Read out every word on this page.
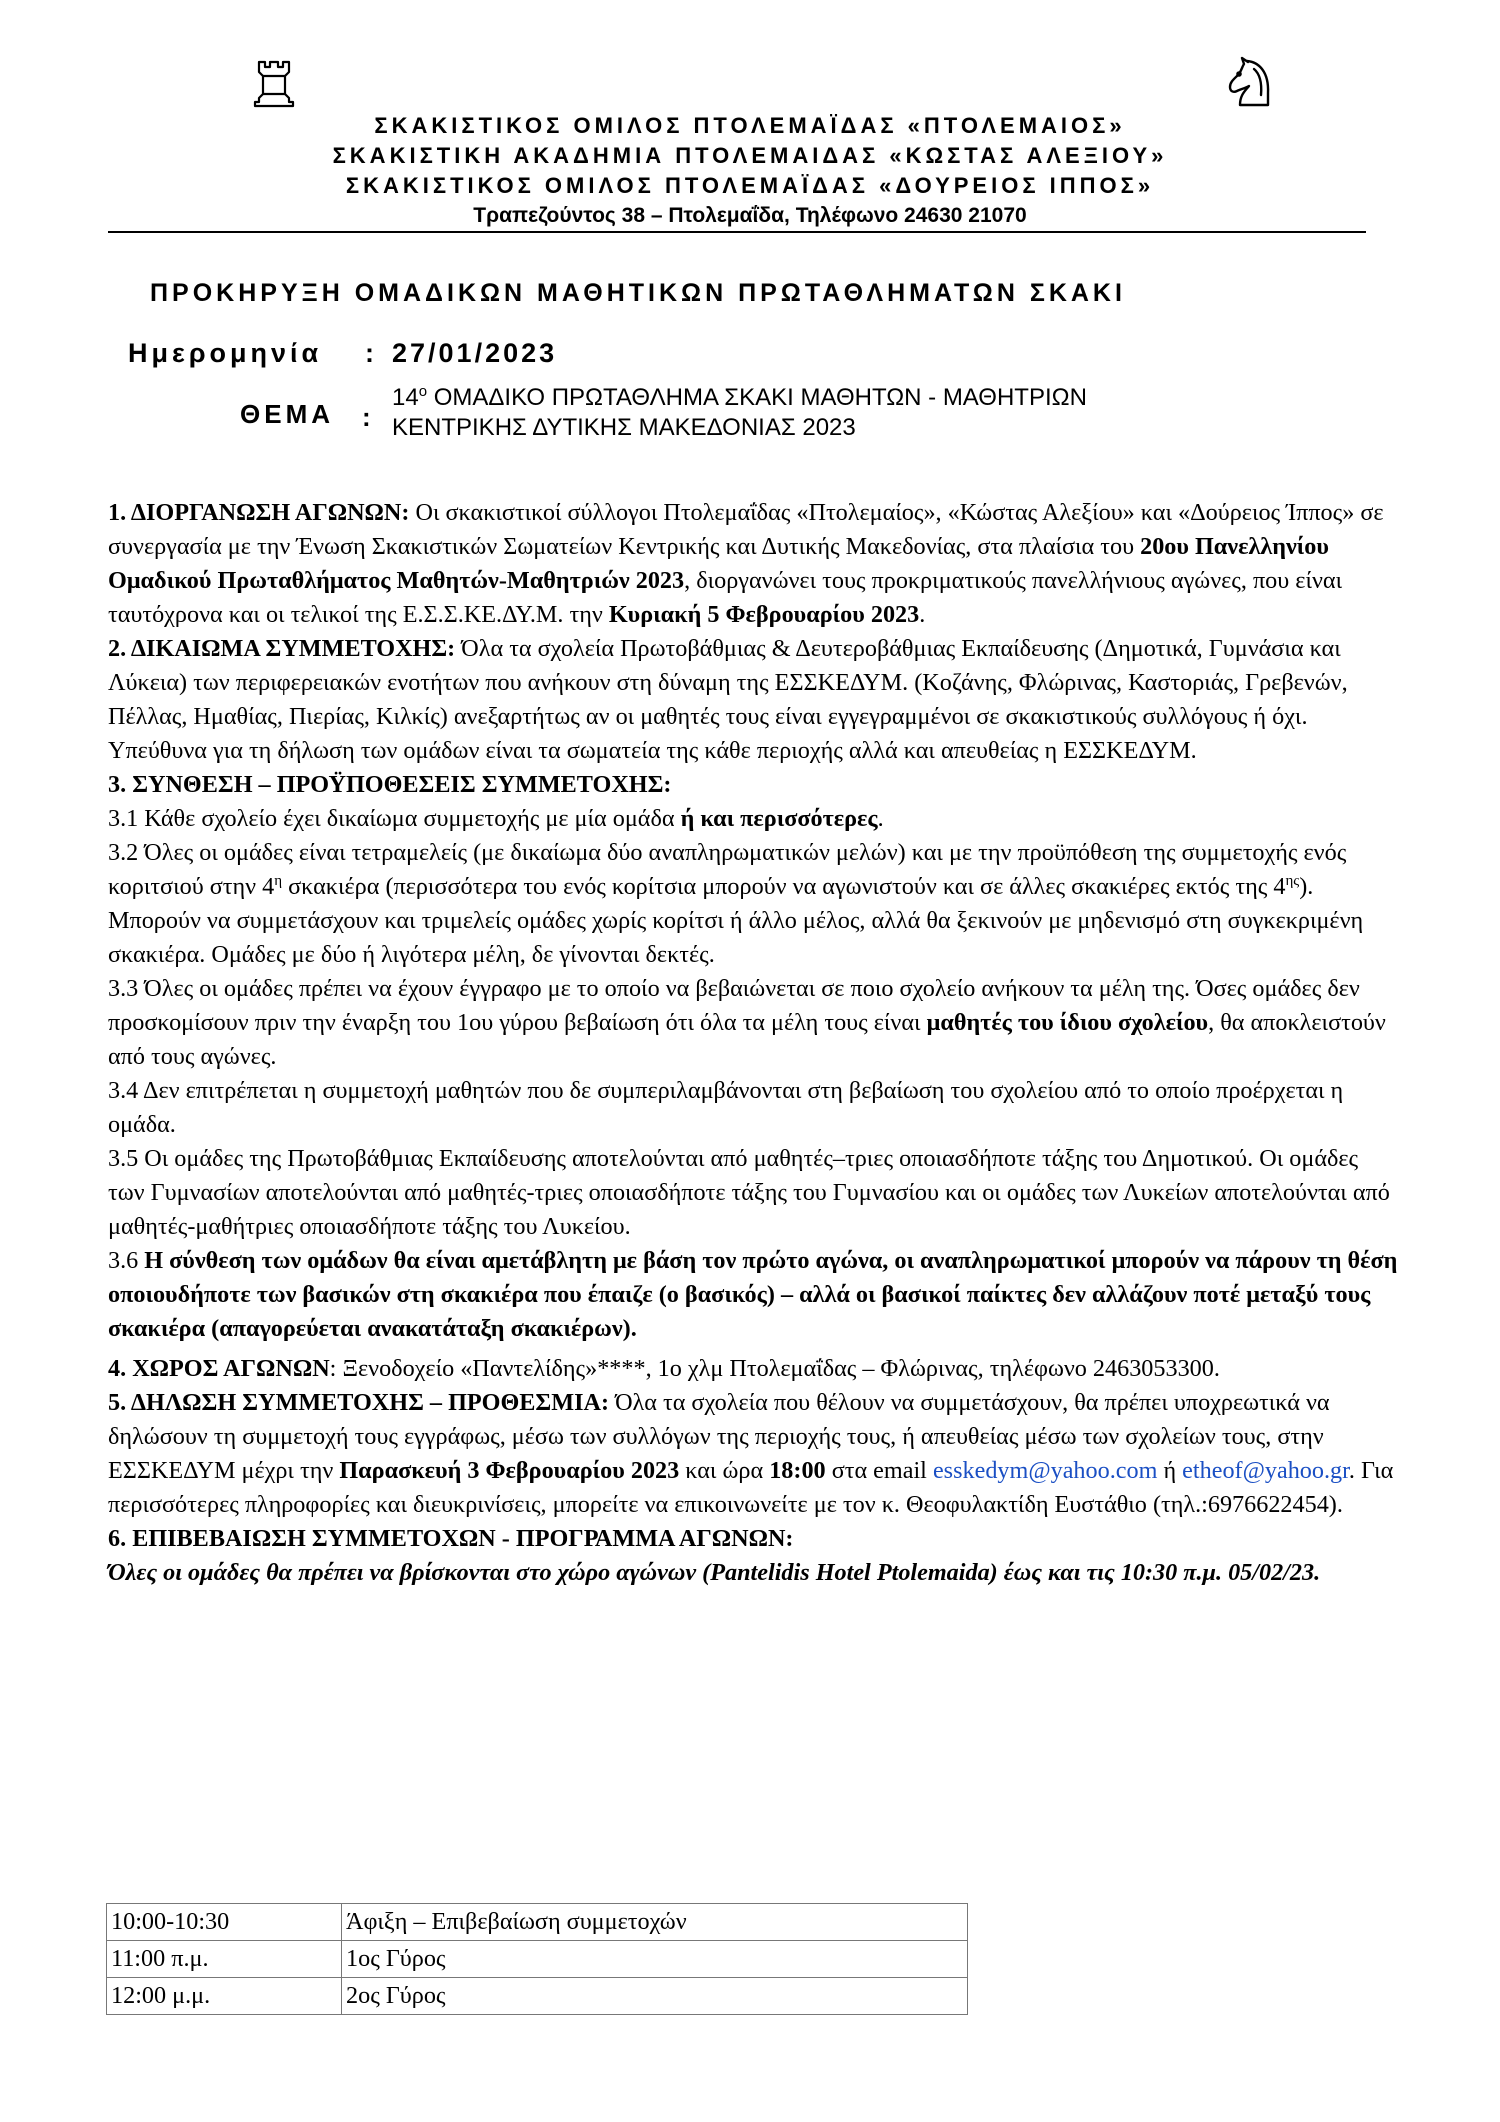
ΣΚΑΚΙΣΤΙΚΟΣ ΟΜΙΛΟΣ ΠΤΟΛΕΜΑΪΔΑΣ «ΠΤΟΛΕΜΑΙΟΣ»

ΣΚΑΚΙΣΤΙΚΗ ΑΚΑΔΗΜΙΑ ΠΤΟΛΕΜΑΙΔΑΣ «ΚΩΣΤΑΣ ΑΛΕΞΙΟΥ»

ΣΚΑΚΙΣΤΙΚΟΣ ΟΜΙΛΟΣ ΠΤΟΛΕΜΑΪΔΑΣ «ΔΟΥΡΕΙΟΣ ΙΠΠΟΣ»

Τραπεζούντος 38 – Πτολεμαΐδα, Τηλέφωνο 24630 21070

ΠΡΟΚΗΡΥΞΗ ΟΜΑΔΙΚΩΝ ΜΑΘΗΤΙΚΩΝ ΠΡΩΤΑΘΛΗΜΑΤΩΝ ΣΚΑΚΙ
Ημερομηνία : 27/01/2023
ΘΕΜΑ :
$14^o$ ΟΜΑΔΙΚΟ ΠΡΩΤΑΘΛΗΜΑ ΣΚΑΚΙ ΜΑΘΗΤΩΝ - ΜΑΘΗΤΡΙΩΝ
ΚΕΝΤΡΙΚΗΣ ΔΥΤΙΚΗΣ ΜΑΚΕΔΟΝΙΑΣ 2023

1. ΔΙΟΡΓΑΝΩΣΗ ΑΓΩΝΩΝ: Οι σκακιστικοί σύλλογοι Πτολεμαΐδας «Πτολεμαίος», «Κώστας Αλεξίου» και «Δούρειος Ίππος» σε συνεργασία με την Ένωση Σκακιστικών Σωματείων Κεντρικής και Δυτικής Μακεδονίας, στα πλαίσια του 20ου Πανελληνίου Ομαδικού Πρωταθλήματος Μαθητών-Μαθητριών 2023, διοργανώνει τους προκριματικούς πανελλήνιους αγώνες, που είναι ταυτόχρονα και οι τελικοί της Ε.Σ.Σ.ΚΕ.ΔΥ.Μ. την Κυριακή 5 Φεβρουαρίου 2023.

2. ΔΙΚΑΙΩΜΑ ΣΥΜΜΕΤΟΧΗΣ: Όλα τα σχολεία Πρωτοβάθμιας & Δευτεροβάθμιας Εκπαίδευσης (Δημοτικά, Γυμνάσια και Λύκεια) των περιφερειακών ενοτήτων που ανήκουν στη δύναμη της ΕΣΣΚΕΔΥΜ. (Κοζάνης, Φλώρινας, Καστοριάς, Γρεβενών, Πέλλας, Ημαθίας, Πιερίας, Κιλκίς) ανεξαρτήτως αν οι μαθητές τους είναι εγγεγραμμένοι σε σκακιστικούς συλλόγους ή όχι. Υπεύθυνα για τη δήλωση των ομάδων είναι τα σωματεία της κάθε περιοχής αλλά και απευθείας η ΕΣΣΚΕΔΥΜ.

3. ΣΥΝΘΕΣΗ – ΠΡΟΫΠΟΘΕΣΕΙΣ ΣΥΜΜΕΤΟΧΗΣ:

3.1 Κάθε σχολείο έχει δικαίωμα συμμετοχής με μία ομάδα ή και περισσότερες.

3.2 Όλες οι ομάδες είναι τετραμελείς (με δικαίωμα δύο αναπληρωματικών μελών) και με την προϋπόθεση της συμμετοχής ενός κοριτσιού στην $4^\eta$ σκακιέρα (περισσότερα του ενός κορίτσια μπορούν να αγωνιστούν και σε άλλες σκακιέρες εκτός της $4^{\eta\varsigma}$). Μπορούν να συμμετάσχουν και τριμελείς ομάδες χωρίς κορίτσι ή άλλο μέλος, αλλά θα ξεκινούν με μηδενισμό στη συγκεκριμένη σκακιέρα. Ομάδες με δύο ή λιγότερα μέλη, δε γίνονται δεκτές.

3.3 Όλες οι ομάδες πρέπει να έχουν έγγραφο με το οποίο να βεβαιώνεται σε ποιο σχολείο ανήκουν τα μέλη της. Όσες ομάδες δεν προσκομίσουν πριν την έναρξη του 1ου γύρου βεβαίωση ότι όλα τα μέλη τους είναι μαθητές του ίδιου σχολείου, θα αποκλειστούν από τους αγώνες.

3.4 Δεν επιτρέπεται η συμμετοχή μαθητών που δε συμπεριλαμβάνονται στη βεβαίωση του σχολείου από το οποίο προέρχεται η ομάδα.

3.5 Οι ομάδες της Πρωτοβάθμιας Εκπαίδευσης αποτελούνται από μαθητές–τριες οποιασδήποτε τάξης του Δημοτικού. Οι ομάδες των Γυμνασίων αποτελούνται από μαθητές-τριες οποιασδήποτε τάξης του Γυμνασίου και οι ομάδες των Λυκείων αποτελούνται από μαθητές-μαθήτριες οποιασδήποτε τάξης του Λυκείου.

3.6 Η σύνθεση των ομάδων θα είναι αμετάβλητη με βάση τον πρώτο αγώνα, οι αναπληρωματικοί μπορούν να πάρουν τη θέση οποιουδήποτε των βασικών στη σκακιέρα που έπαιζε (ο βασικός) – αλλά οι βασικοί παίκτες δεν αλλάζουν ποτέ μεταξύ τους σκακιέρα (απαγορεύεται ανακατάταξη σκακιέρων).

4. ΧΩΡΟΣ ΑΓΩΝΩΝ: Ξενοδοχείο «Παντελίδης»****, 1ο χλμ Πτολεμαΐδας – Φλώρινας, τηλέφωνο 2463053300.

5. ΔΗΛΩΣΗ ΣΥΜΜΕΤΟΧΗΣ – ΠΡΟΘΕΣΜΙΑ: Όλα τα σχολεία που θέλουν να συμμετάσχουν, θα πρέπει υποχρεωτικά να δηλώσουν τη συμμετοχή τους εγγράφως, μέσω των συλλόγων της περιοχής τους, ή απευθείας μέσω των σχολείων τους, στην ΕΣΣΚΕΔΥΜ μέχρι την Παρασκευή 3 Φεβρουαρίου 2023 και ώρα 18:00 στα email esskedym@yahoo.com ή etheof@yahoo.gr. Για περισσότερες πληροφορίες και διευκρινίσεις, μπορείτε να επικοινωνείτε με τον κ. Θεοφυλακτίδη Ευστάθιο (τηλ.:6976622454).

6. ΕΠΙΒΕΒΑΙΩΣΗ ΣΥΜΜΕΤΟΧΩΝ - ΠΡΟΓΡΑΜΜΑ ΑΓΩΝΩΝ:

Όλες οι ομάδες θα πρέπει να βρίσκονται στο χώρο αγώνων (Pantelidis Hotel Ptolemaida) έως και τις 10:30 π.μ. 05/02/23.

10:00-10:30	Άφιξη – Επιβεβαίωση συμμετοχών
11:00 π.μ.	1ος Γύρος
12:00 μ.μ.	2ος Γύρος
